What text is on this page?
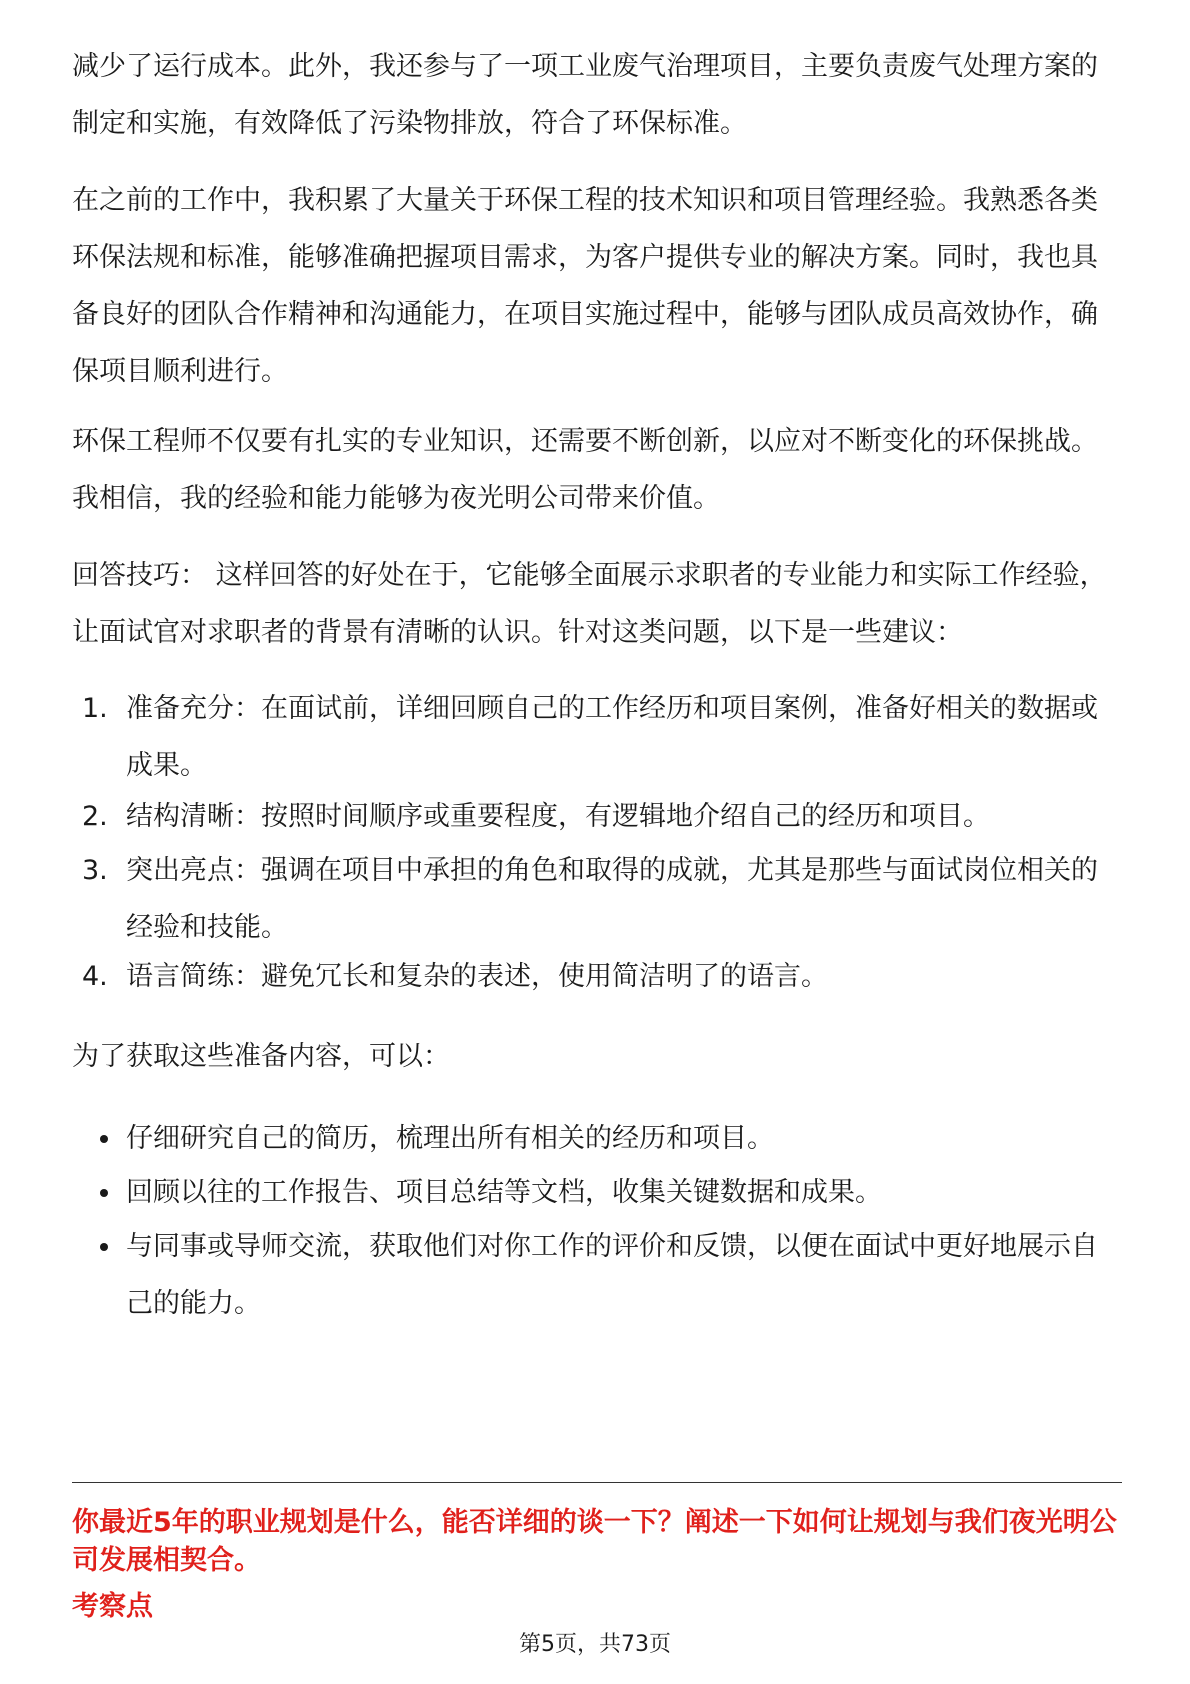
减少了运行成本。此外，我还参与了一项工业废气治理项目，主要负责废气处理方案的制定和实施，有效降低了污染物排放，符合了环保标准。

在之前的工作中，我积累了大量关于环保工程的技术知识和项目管理经验。我熟悉各类环保法规和标准，能够准确把握项目需求，为客户提供专业的解决方案。同时，我也具备良好的团队合作精神和沟通能力，在项目实施过程中，能够与团队成员高效协作，确保项目顺利进行。

环保工程师不仅要有扎实的专业知识，还需要不断创新，以应对不断变化的环保挑战。我相信，我的经验和能力能够为夜光明公司带来价值。

回答技巧： 这样回答的好处在于，它能够全面展示求职者的专业能力和实际工作经验，让面试官对求职者的背景有清晰的认识。针对这类问题，以下是一些建议：

1. 准备充分：在面试前，详细回顾自己的工作经历和项目案例，准备好相关的数据或成果。
2. 结构清晰：按照时间顺序或重要程度，有逻辑地介绍自己的经历和项目。
3. 突出亮点：强调在项目中承担的角色和取得的成就，尤其是那些与面试岗位相关的经验和技能。
4. 语言简练：避免冗长和复杂的表述，使用简洁明了的语言。

为了获取这些准备内容，可以：

仔细研究自己的简历，梳理出所有相关的经历和项目。
回顾以往的工作报告、项目总结等文档，收集关键数据和成果。
与同事或导师交流，获取他们对你工作的评价和反馈，以便在面试中更好地展示自己的能力。

你最近5年的职业规划是什么，能否详细的谈一下？阐述一下如何让规划与我们夜光明公司发展相契合。

考察点

第5页，共73页
